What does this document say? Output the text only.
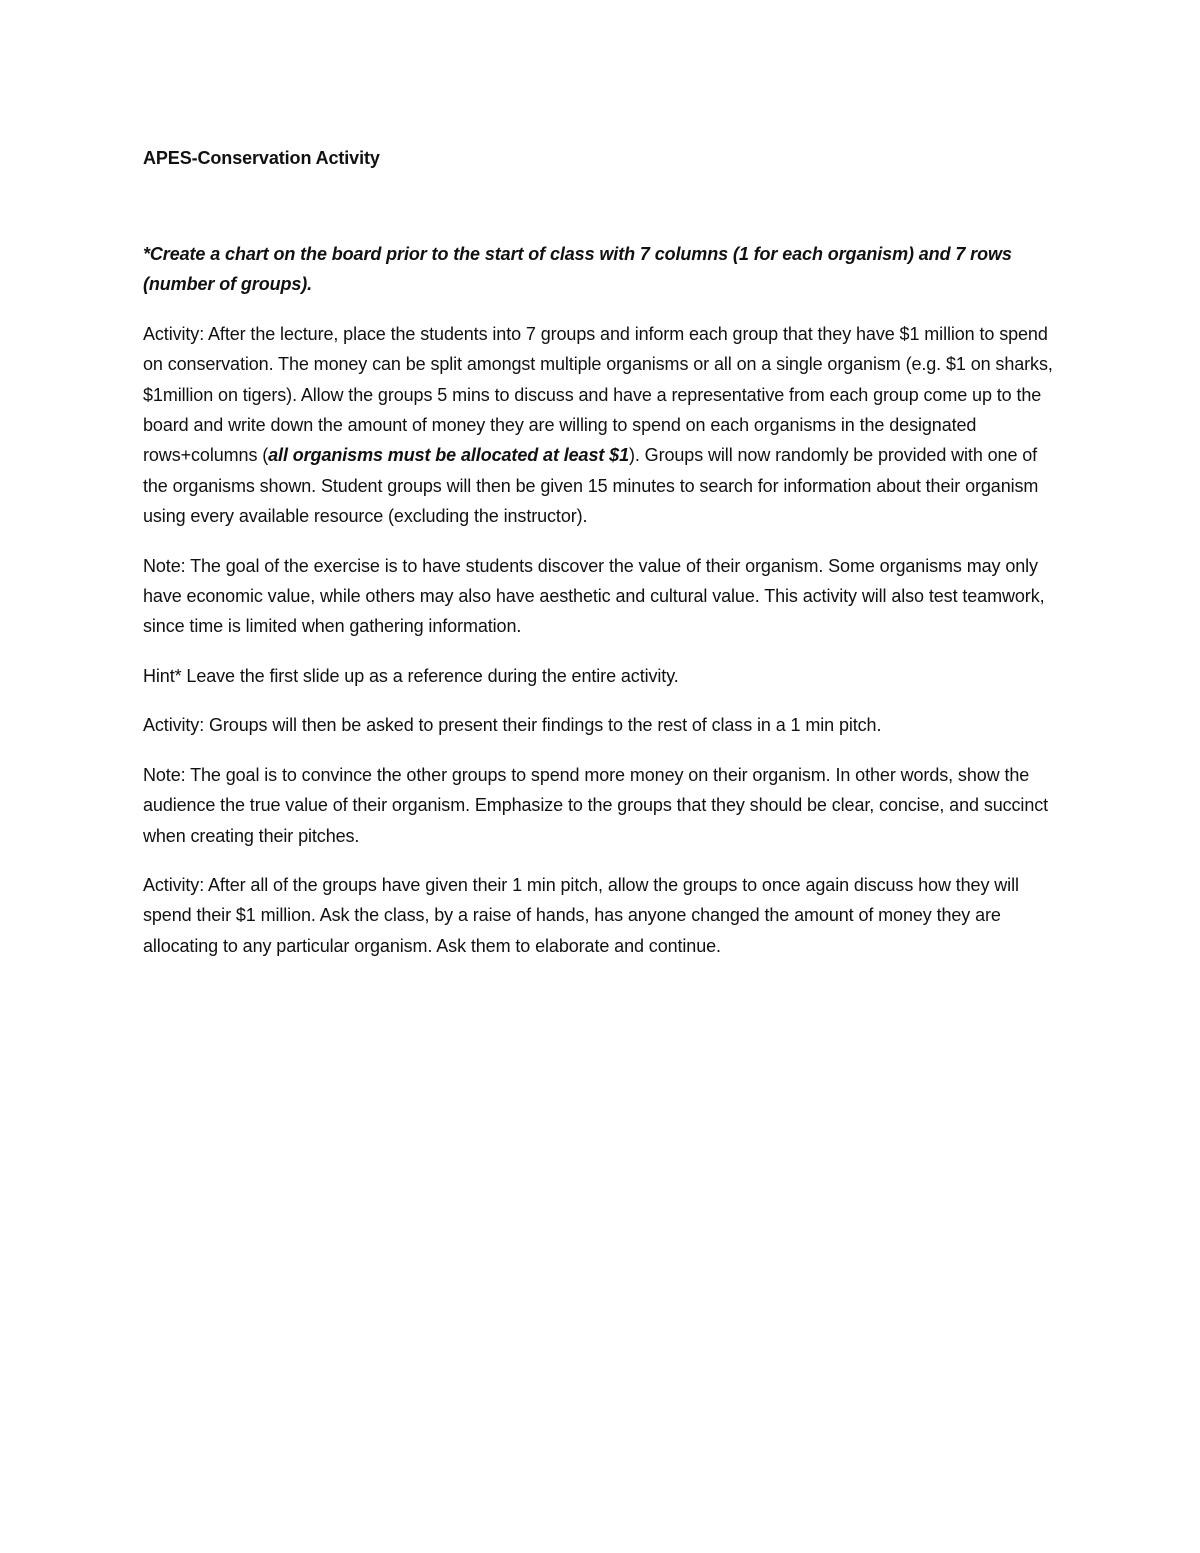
APES-Conservation Activity

*Create a chart on the board prior to the start of class with 7 columns (1 for each organism) and 7 rows (number of groups).

Activity: After the lecture, place the students into 7 groups and inform each group that they have $1 million to spend on conservation. The money can be split amongst multiple organisms or all on a single organism (e.g. $1 on sharks, $1million on tigers). Allow the groups 5 mins to discuss and have a representative from each group come up to the board and write down the amount of money they are willing to spend on each organisms in the designated rows+columns (all organisms must be allocated at least $1). Groups will now randomly be provided with one of the organisms shown. Student groups will then be given 15 minutes to search for information about their organism using every available resource (excluding the instructor).

Note: The goal of the exercise is to have students discover the value of their organism. Some organisms may only have economic value, while others may also have aesthetic and cultural value. This activity will also test teamwork, since time is limited when gathering information.

Hint* Leave the first slide up as a reference during the entire activity.

Activity: Groups will then be asked to present their findings to the rest of class in a 1 min pitch.

Note: The goal is to convince the other groups to spend more money on their organism. In other words, show the audience the true value of their organism. Emphasize to the groups that they should be clear, concise, and succinct when creating their pitches.

Activity: After all of the groups have given their 1 min pitch, allow the groups to once again discuss how they will spend their $1 million. Ask the class, by a raise of hands, has anyone changed the amount of money they are allocating to any particular organism. Ask them to elaborate and continue.
